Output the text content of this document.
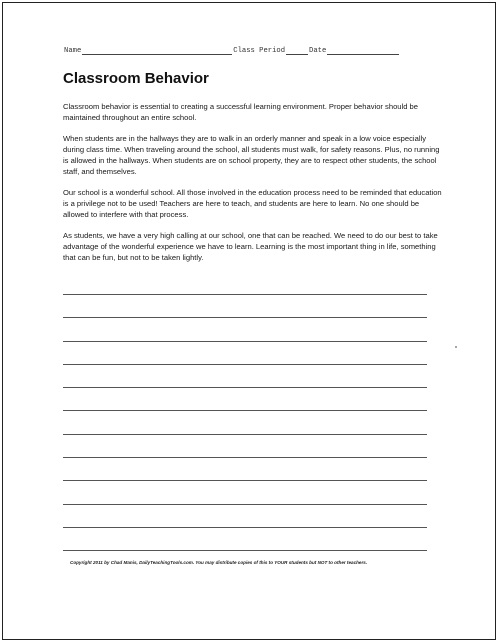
Name	Class Period	Date
Classroom Behavior

Classroom behavior is essential to creating a successful learning environment. Proper behavior should be maintained throughout an entire school.

When students are in the hallways they are to walk in an orderly manner and speak in a low voice especially during class time. When traveling around the school, all students must walk, for safety reasons. Plus, no running is allowed in the hallways. When students are on school property, they are to respect other students, the school staff, and themselves.

Our school is a wonderful school. All those involved in the education process need to be reminded that education is a privilege not to be used! Teachers are here to teach, and students are here to learn. No one should be allowed to interfere with that process.

As students, we have a very high calling at our school, one that can be reached. We need to do our best to take advantage of the wonderful experience we have to learn. Learning is the most important thing in life, something that can be fun, but not to be taken lightly.

Copyright 2011 by Chad Manis, DailyTeachingTools.com. You may distribute copies of this to YOUR students but NOT to other teachers.
